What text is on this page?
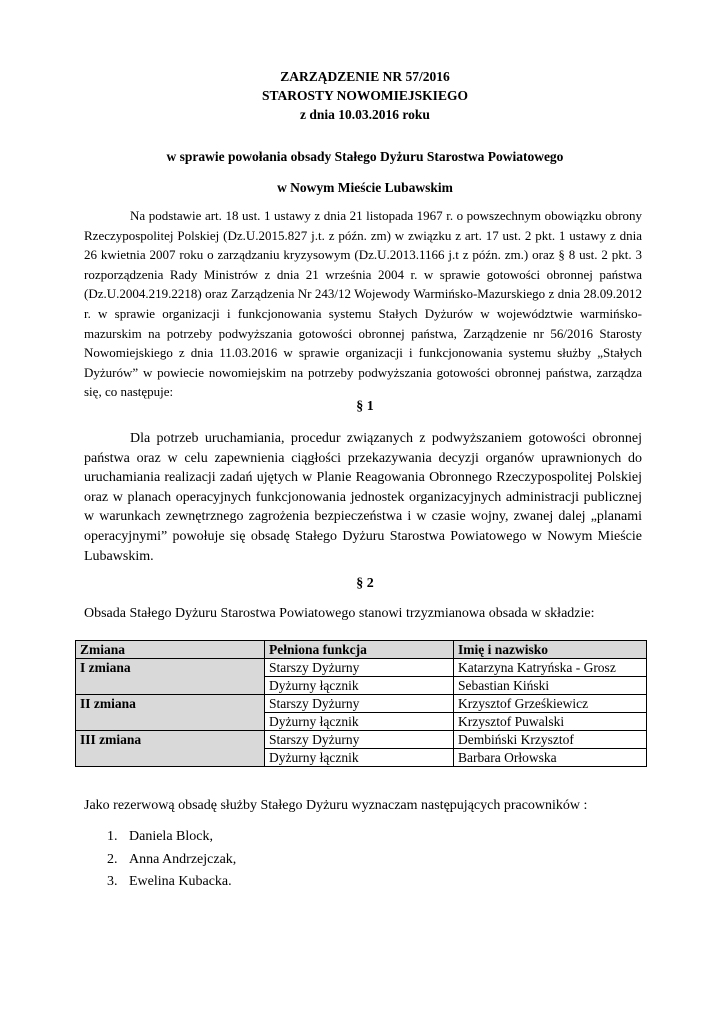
ZARZĄDZENIE NR 57/2016
STAROSTY NOWOMIEJSKIEGO
z dnia 10.03.2016 roku
w sprawie powołania obsady Stałego Dyżuru Starostwa Powiatowego
w Nowym Mieście Lubawskim
Na podstawie art. 18 ust. 1 ustawy z dnia 21 listopada 1967 r. o powszechnym obowiązku obrony Rzeczypospolitej Polskiej (Dz.U.2015.827 j.t. z późn. zm) w związku z art. 17 ust. 2 pkt. 1 ustawy z dnia 26 kwietnia 2007 roku o zarządzaniu kryzysowym (Dz.U.2013.1166 j.t z późn. zm.) oraz § 8 ust. 2 pkt. 3 rozporządzenia Rady Ministrów z dnia 21 września 2004 r. w sprawie gotowości obronnej państwa (Dz.U.2004.219.2218) oraz Zarządzenia Nr 243/12 Wojewody Warmińsko-Mazurskiego z dnia 28.09.2012 r. w sprawie organizacji i funkcjonowania systemu Stałych Dyżurów w województwie warmińsko-mazurskim na potrzeby podwyższania gotowości obronnej państwa, Zarządzenie nr 56/2016 Starosty Nowomiejskiego z dnia 11.03.2016 w sprawie organizacji i funkcjonowania systemu służby „Stałych Dyżurów” w powiecie nowomiejskim na potrzeby podwyższania gotowości obronnej państwa, zarządza się, co następuje:
§ 1
Dla potrzeb uruchamiania, procedur związanych z podwyższaniem gotowości obronnej państwa oraz w celu zapewnienia ciągłości przekazywania decyzji organów uprawnionych do uruchamiania realizacji zadań ujętych w Planie Reagowania Obronnego Rzeczypospolitej Polskiej oraz w planach operacyjnych funkcjonowania jednostek organizacyjnych administracji publicznej w warunkach zewnętrznego zagrożenia bezpieczeństwa i w czasie wojny, zwanej dalej „planami operacyjnymi” powołuje się obsadę Stałego Dyżuru Starostwa Powiatowego w Nowym Mieście Lubawskim.
§ 2
Obsada Stałego Dyżuru Starostwa Powiatowego stanowi trzyzmianowa obsada w składzie:
Zmiana	Pełniona funkcja	Imię i nazwisko
I zmiana	Starszy Dyżurny	Katarzyna Katryńska - Grosz
	Dyżurny łącznik	Sebastian Kiński
II zmiana	Starszy Dyżurny	Krzysztof Grześkiewicz
	Dyżurny łącznik	Krzysztof Puwalski
III zmiana	Starszy Dyżurny	Dembiński Krzysztof
	Dyżurny łącznik	Barbara Orłowska
Jako rezerwową obsadę służby Stałego Dyżuru wyznaczam następujących pracowników :
1. Daniela Block,
2. Anna Andrzejczak,
3. Ewelina Kubacka.
